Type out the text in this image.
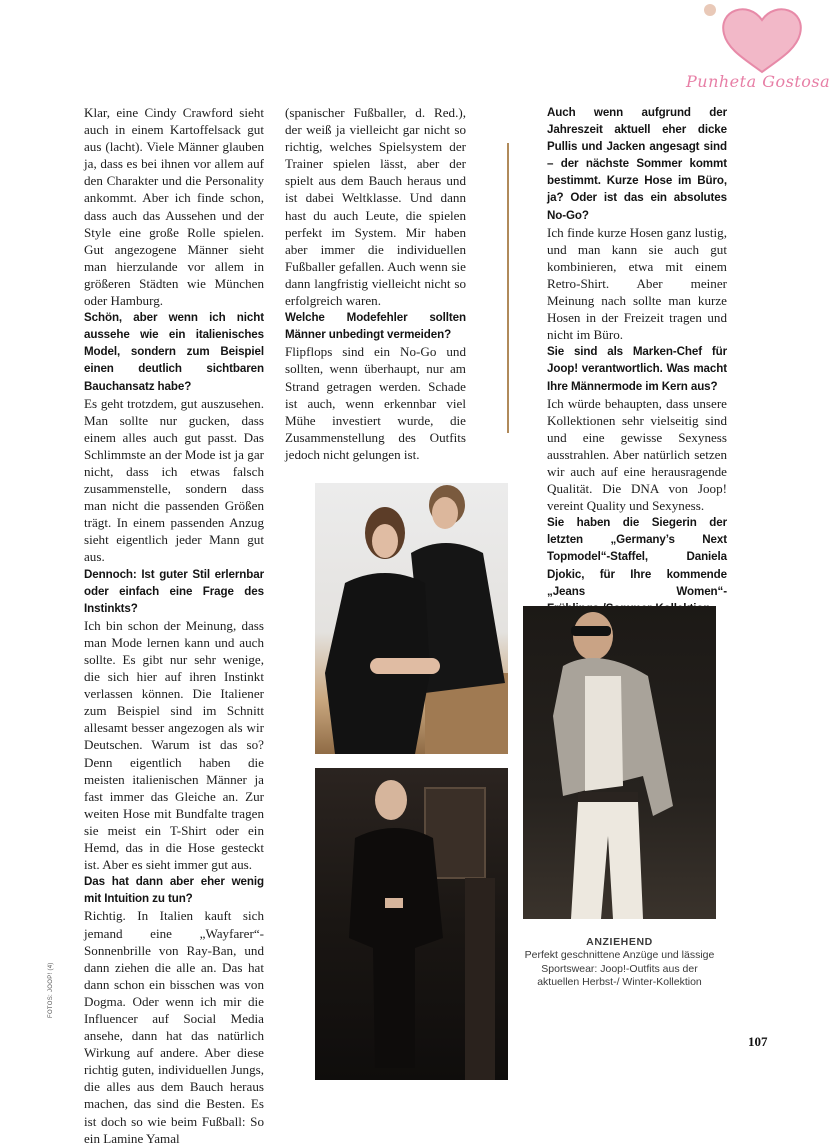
Punheta Gostosa

Klar, eine Cindy Crawford sieht auch in einem Kartoffelsack gut aus (lacht). Viele Männer glauben ja, dass es bei ihnen vor allem auf den Charakter und die Personality ankommt. Aber ich finde schon, dass auch das Aussehen und der Style eine große Rolle spielen. Gut angezogene Männer sieht man hierzulande vor allem in größeren Städten wie München oder Hamburg.

Schön, aber wenn ich nicht aussehe wie ein italienisches Model, sondern zum Beispiel einen deutlich sichtbaren Bauchansatz habe?

Es geht trotzdem, gut auszusehen. Man sollte nur gucken, dass einem alles auch gut passt. Das Schlimmste an der Mode ist ja gar nicht, dass ich etwas falsch zusammenstelle, sondern dass man nicht die passenden Größen trägt. In einem passenden Anzug sieht eigentlich jeder Mann gut aus.

Dennoch: Ist guter Stil erlernbar oder einfach eine Frage des Instinkts?

Ich bin schon der Meinung, dass man Mode lernen kann und auch sollte. Es gibt nur sehr wenige, die sich hier auf ihren Instinkt verlassen können. Die Italiener zum Beispiel sind im Schnitt allesamt besser angezogen als wir Deutschen. Warum ist das so? Denn eigentlich haben die meisten italienischen Männer ja fast immer das Gleiche an. Zur weiten Hose mit Bundfalte tragen sie meist ein T-Shirt oder ein Hemd, das in die Hose gesteckt ist. Aber es sieht immer gut aus.

Das hat dann aber eher wenig mit Intuition zu tun?

Richtig. In Italien kauft sich jemand eine „Wayfarer“-Sonnenbrille von Ray-Ban, und dann ziehen die alle an. Das hat dann schon ein bisschen was von Dogma. Oder wenn ich mir die Influencer auf Social Media ansehe, dann hat das natürlich Wirkung auf andere. Aber diese richtig guten, individuellen Jungs, die alles aus dem Bauch heraus machen, das sind die Besten. Es ist doch so wie beim Fußball: So ein Lamine Yamal

(spanischer Fußballer, d. Red.), der weiß ja vielleicht gar nicht so richtig, welches Spielsystem der Trainer spielen lässt, aber der spielt aus dem Bauch heraus und ist dabei Weltklasse. Und dann hast du auch Leute, die spielen perfekt im System. Mir haben aber immer die individuellen Fußballer gefallen. Auch wenn sie dann langfristig vielleicht nicht so erfolgreich waren.

Welche Modefehler sollten Männer unbedingt vermeiden?

Flipflops sind ein No-Go und sollten, wenn überhaupt, nur am Strand getragen werden. Schade ist auch, wenn erkennbar viel Mühe investiert wurde, die Zusammenstellung des Outfits jedoch nicht gelungen ist.

Auch wenn aufgrund der Jahreszeit aktuell eher dicke Pullis und Jacken angesagt sind – der nächste Sommer kommt bestimmt. Kurze Hose im Büro, ja? Oder ist das ein absolutes No-Go?

Ich finde kurze Hosen ganz lustig, und man kann sie auch gut kombinieren, etwa mit einem Retro-Shirt. Aber meiner Meinung nach sollte man kurze Hosen in der Freizeit tragen und nicht im Büro.

Sie sind als Marken-Chef für Joop! verantwortlich. Was macht Ihre Männermode im Kern aus?

Ich würde behaupten, dass unsere Kollektionen sehr vielseitig sind und eine gewisse Sexyness ausstrahlen. Aber natürlich setzen wir auch auf eine herausragende Qualität. Die DNA von Joop! vereint Quality und Sexyness.

Sie haben die Siegerin der letzten „Germany’s Next Topmodel“-Staffel, Daniela Djokic, für Ihre kommende „Jeans Women“-

ANZIEHEND
Perfekt geschnittene Anzüge und lässige Sportswear: Joop!-Outfits aus der aktuellen Herbst-/ Winter-Kollektion
FOTOS: JOOP! (4)
107
